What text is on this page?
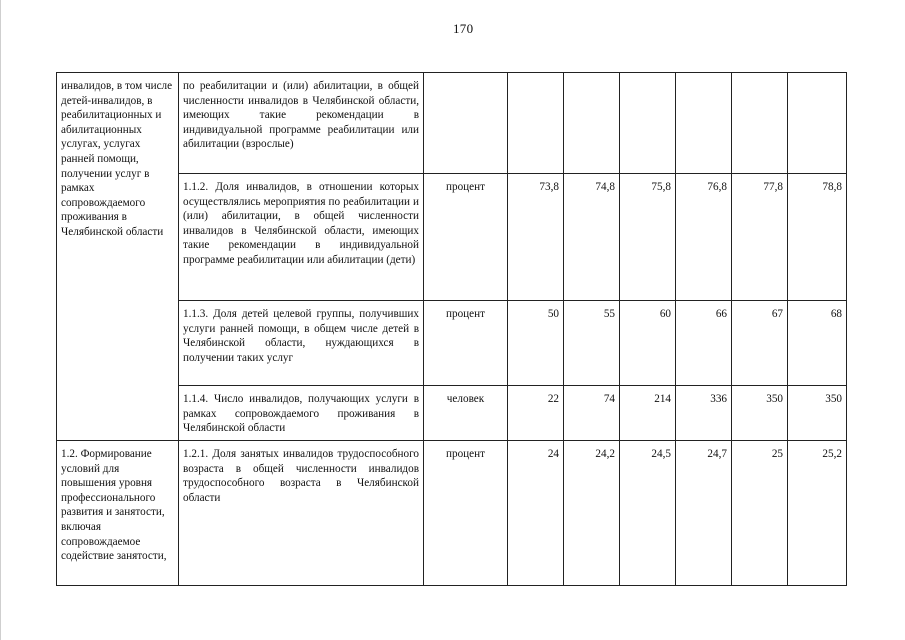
170
инвалидов, в том числе детей-инвалидов, в реабилитационных и абилитационных услугах, услугах ранней помощи, получении услуг в рамках сопровождаемого проживания в Челябинской области	по реабилитации и (или) абилитации, в общей численности инвалидов в Челябинской области, имеющих такие рекомендации в индивидуальной программе реабилитации или абилитации (взрослые)							
	1.1.2. Доля инвалидов, в отношении которых осуществлялись мероприятия по реабилитации и (или) абилитации, в общей численности инвалидов в Челябинской области, имеющих такие рекомендации в индивидуальной программе реабилитации или абилитации (дети)	процент	73,8	74,8	75,8	76,8	77,8	78,8
	1.1.3. Доля детей целевой группы, получивших услуги ранней помощи, в общем числе детей в Челябинской области, нуждающихся в получении таких услуг	процент	50	55	60	66	67	68
	1.1.4. Число инвалидов, получающих услуги в рамках сопровождаемого проживания в Челябинской области	человек	22	74	214	336	350	350
1.2. Формирование условий для повышения уровня профессионального развития и занятости, включая сопровождаемое содействие занятости,	1.2.1. Доля занятых инвалидов трудоспособного возраста в общей численности инвалидов трудоспособного возраста в Челябинской области	процент	24	24,2	24,5	24,7	25	25,2
